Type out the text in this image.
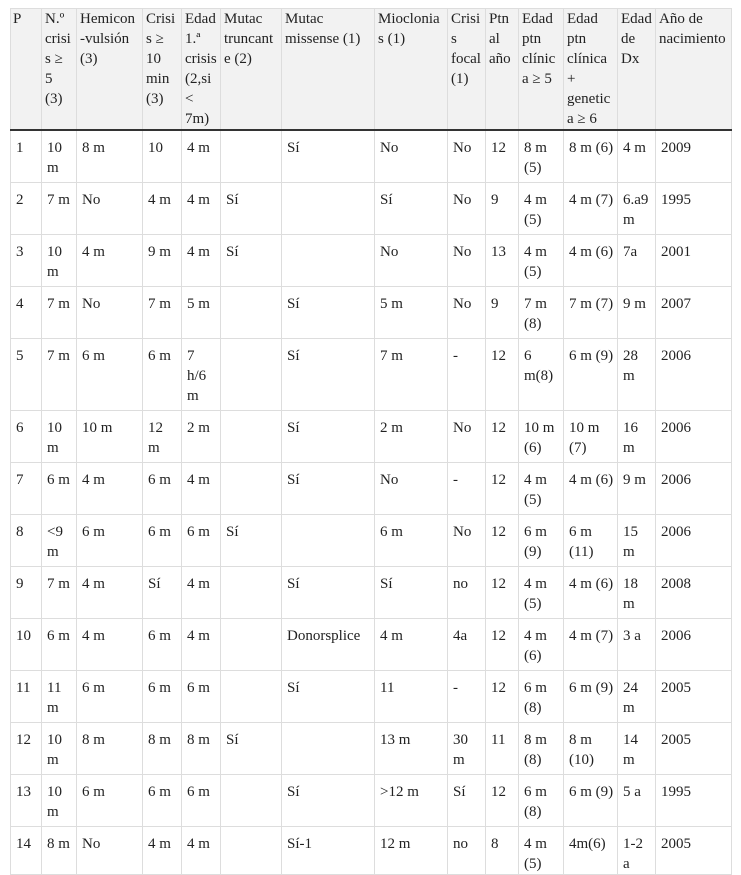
P	N.º crisis ≥ 5 (3)	Hemicon-vulsión (3)	Crisis ≥ 10 min (3)	Edad 1.ª crisis (2,si< 7m)	Mutac truncante (2)	Mutac missense (1)	Mioclonias (1)	Crisis focal (1)	Ptn al año	Edad ptn clínica ≥ 5	Edad ptn clínica + genetica ≥ 6	Edad de Dx	Año de nacimiento
1	10 m	8 m	10	4 m		Sí	No	No	12	8 m (5)	8 m (6)	4 m	2009
2	7 m	No	4 m	4 m	Sí		Sí	No	9	4 m (5)	4 m (7)	6.a9 m	1995
3	10 m	4 m	9 m	4 m	Sí		No	No	13	4 m (5)	4 m (6)	7a	2001
4	7 m	No	7 m	5 m		Sí	5 m	No	9	7 m (8)	7 m (7)	9 m	2007
5	7 m	6 m	6 m	7 h/6 m		Sí	7 m	-	12	6 m(8)	6 m (9)	28 m	2006
6	10 m	10 m	12 m	2 m		Sí	2 m	No	12	10 m (6)	10 m (7)	16 m	2006
7	6 m	4 m	6 m	4 m		Sí	No	-	12	4 m (5)	4 m (6)	9 m	2006
8	<9 m	6 m	6 m	6 m	Sí		6 m	No	12	6 m (9)	6 m (11)	15 m	2006
9	7 m	4 m	Sí	4 m		Sí	Sí	no	12	4 m (5)	4 m (6)	18 m	2008
10	6 m	4 m	6 m	4 m		Donorsplice	4 m	4a	12	4 m (6)	4 m (7)	3 a	2006
11	11 m	6 m	6 m	6 m		Sí	11	-	12	6 m (8)	6 m (9)	24 m	2005
12	10 m	8 m	8 m	8 m	Sí		13 m	30 m	11	8 m (8)	8 m (10)	14 m	2005
13	10 m	6 m	6 m	6 m		Sí	>12 m	Sí	12	6 m (8)	6 m (9)	5 a	1995
14	8 m	No	4 m	4 m		Sí-1	12 m	no	8	4 m (5)	4m(6)	1-2 a	2005
